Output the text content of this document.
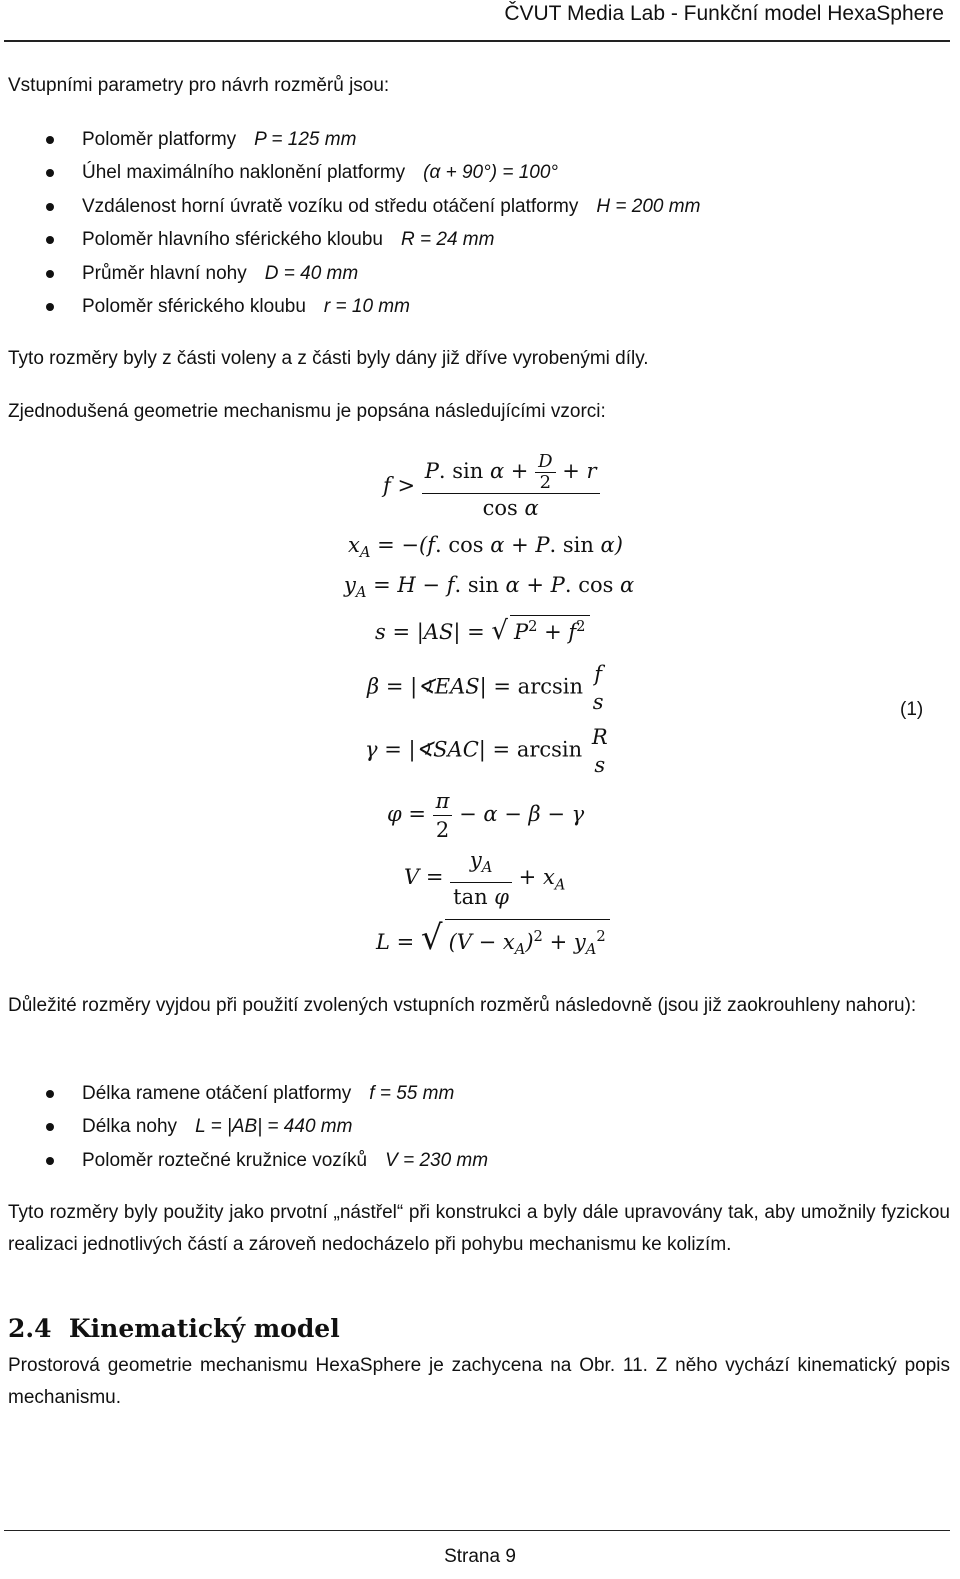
ČVUT Media Lab - Funkční model HexaSphere
Vstupními parametry pro návrh rozměrů jsou:
Poloměr platformy P = 125 mm
Úhel maximálního naklonění platformy (α + 90°) = 100°
Vzdálenost horní úvratě vozíku od středu otáčení platformy H = 200 mm
Poloměr hlavního sférického kloubu R = 24 mm
Průměr hlavní nohy D = 40 mm
Poloměr sférického kloubu r = 10 mm
Tyto rozměry byly z části voleny a z části byly dány již dříve vyrobenými díly.
Zjednodušená geometrie mechanismu je popsána následujícími vzorci:
$f > \frac{P. \sin \alpha + \frac{D}{2} + r}{\text{cos α}}$
$x_A = -(f$. cos α + P. sin α)
$y_A = H - f$. sin α + P. cos α
s = |AS| = √ $P^2 + f^2$
β = |∢EAS| = arcsin
f
s
γ = |∢SAC| = arcsin
R
s
$\varphi = \frac{\pi}{2} - \alpha - \beta - \gamma$
$V = \frac{y_A}{\text{tan φ}} + x_A$
L = √ $(V - x_A)^2 + y_A^2$
(1)
Důležité rozměry vyjdou při použití zvolených vstupních rozměrů následovně (jsou již zaokrouhleny nahoru):
Délka ramene otáčení platformy f = 55 mm
Délka nohy L = |AB| = 440 mm
Poloměr roztečné kružnice vozíků V = 230 mm
Tyto rozměry byly použity jako prvotní „nástřel“ při konstrukci a byly dále upravovány tak, aby umožnily fyzickou realizaci jednotlivých částí a zároveň nedocházelo při pohybu mechanismu ke kolizím.
2.4 Kinematický model
Prostorová geometrie mechanismu HexaSphere je zachycena na Obr. 11. Z něho vychází kinematický popis mechanismu.
Strana 9
